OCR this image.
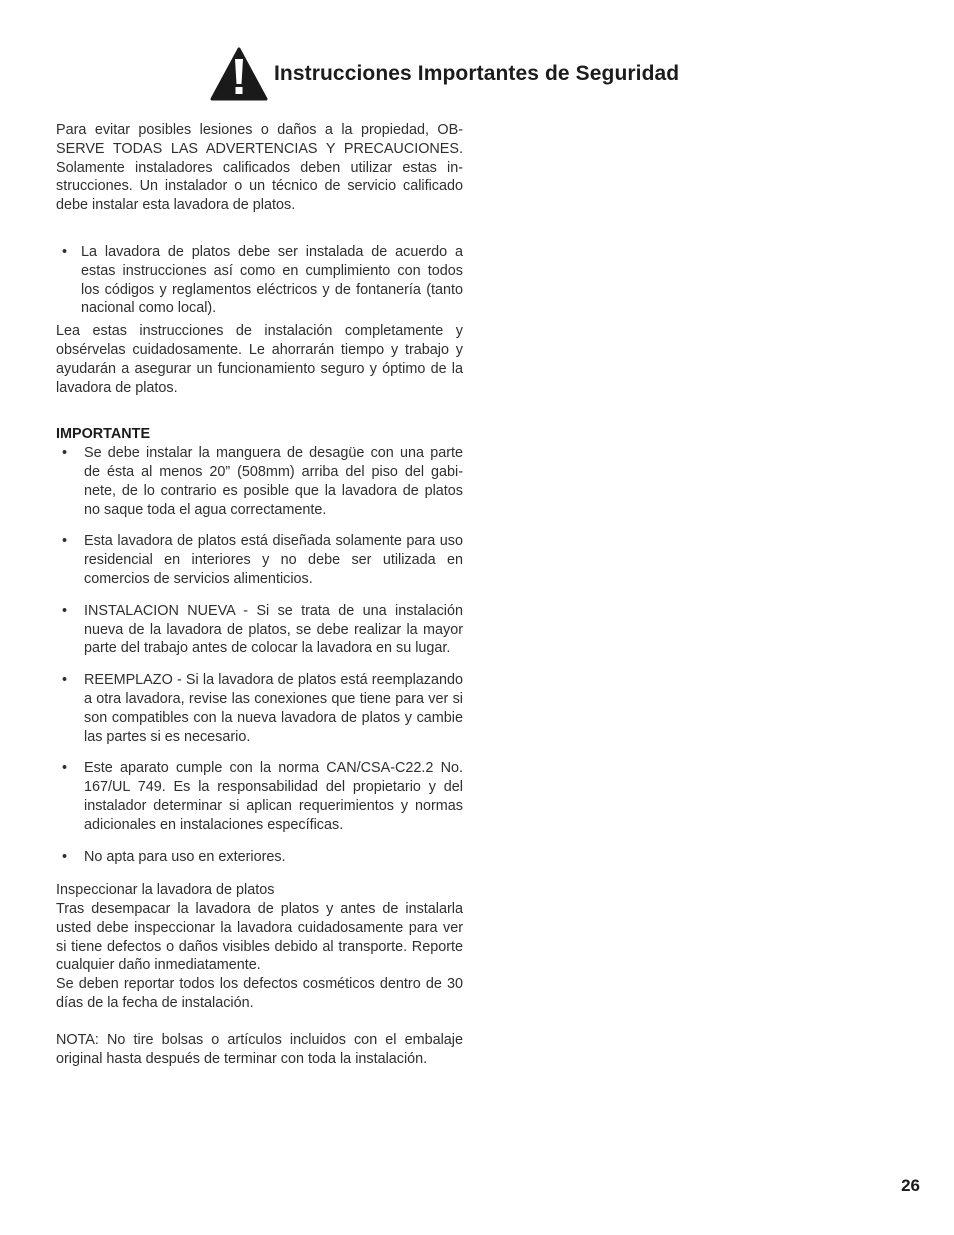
Instrucciones Importantes de Seguridad

Para evitar posibles lesiones o daños a la propiedad, OB- SERVE TODAS LAS ADVERTENCIAS Y PRECAUCIONES. Solamente instaladores calificados deben utilizar estas in- strucciones. Un instalador o un técnico de servicio calificado debe instalar esta lavadora de platos.

• La lavadora de platos debe ser instalada de acuerdo a estas instrucciones así como en cumplimiento con todos los códigos y reglamentos eléctricos y de fontanería (tanto nacional como local).

Lea estas instrucciones de instalación completamente y obsérvelas cuidadosamente. Le ahorrarán tiempo y trabajo y ayudarán a asegurar un funcionamiento seguro y óptimo de la lavadora de platos.

IMPORTANTE
•	Se debe instalar la manguera de desagüe con una parte de ésta al menos 20” (508mm) arriba del piso del gabi- nete, de lo contrario es posible que la lavadora de platos no saque toda el agua correctamente.
•	Esta lavadora de platos está diseñada solamente para uso residencial en interiores y no debe ser utilizada en comercios de servicios alimenticios.
•	INSTALACION NUEVA - Si se trata de una instalación nueva de la lavadora de platos, se debe realizar la mayor parte del trabajo antes de colocar la lavadora en su lugar.
•	REEMPLAZO - Si la lavadora de platos está reemplazando a otra lavadora, revise las conexiones que tiene para ver si son compatibles con la nueva lavadora de platos y cambie las partes si es necesario.
•	Este aparato cumple con la norma CAN/CSA-C22.2 No. 167/UL 749. Es la responsabilidad del propietario y del instalador determinar si aplican requerimientos y normas adicionales en instalaciones específicas.
•	No apta para uso en exteriores.

Inspeccionar la lavadora de platos

Tras desempacar la lavadora de platos y antes de instalarla usted debe inspeccionar la lavadora cuidadosamente para ver si tiene defectos o daños visibles debido al transporte. Reporte cualquier daño inmediatamente.

Se deben reportar todos los defectos cosméticos dentro de 30 días de la fecha de instalación.

NOTA: No tire bolsas o artículos incluidos con el embalaje original hasta después de terminar con toda la instalación.

26
